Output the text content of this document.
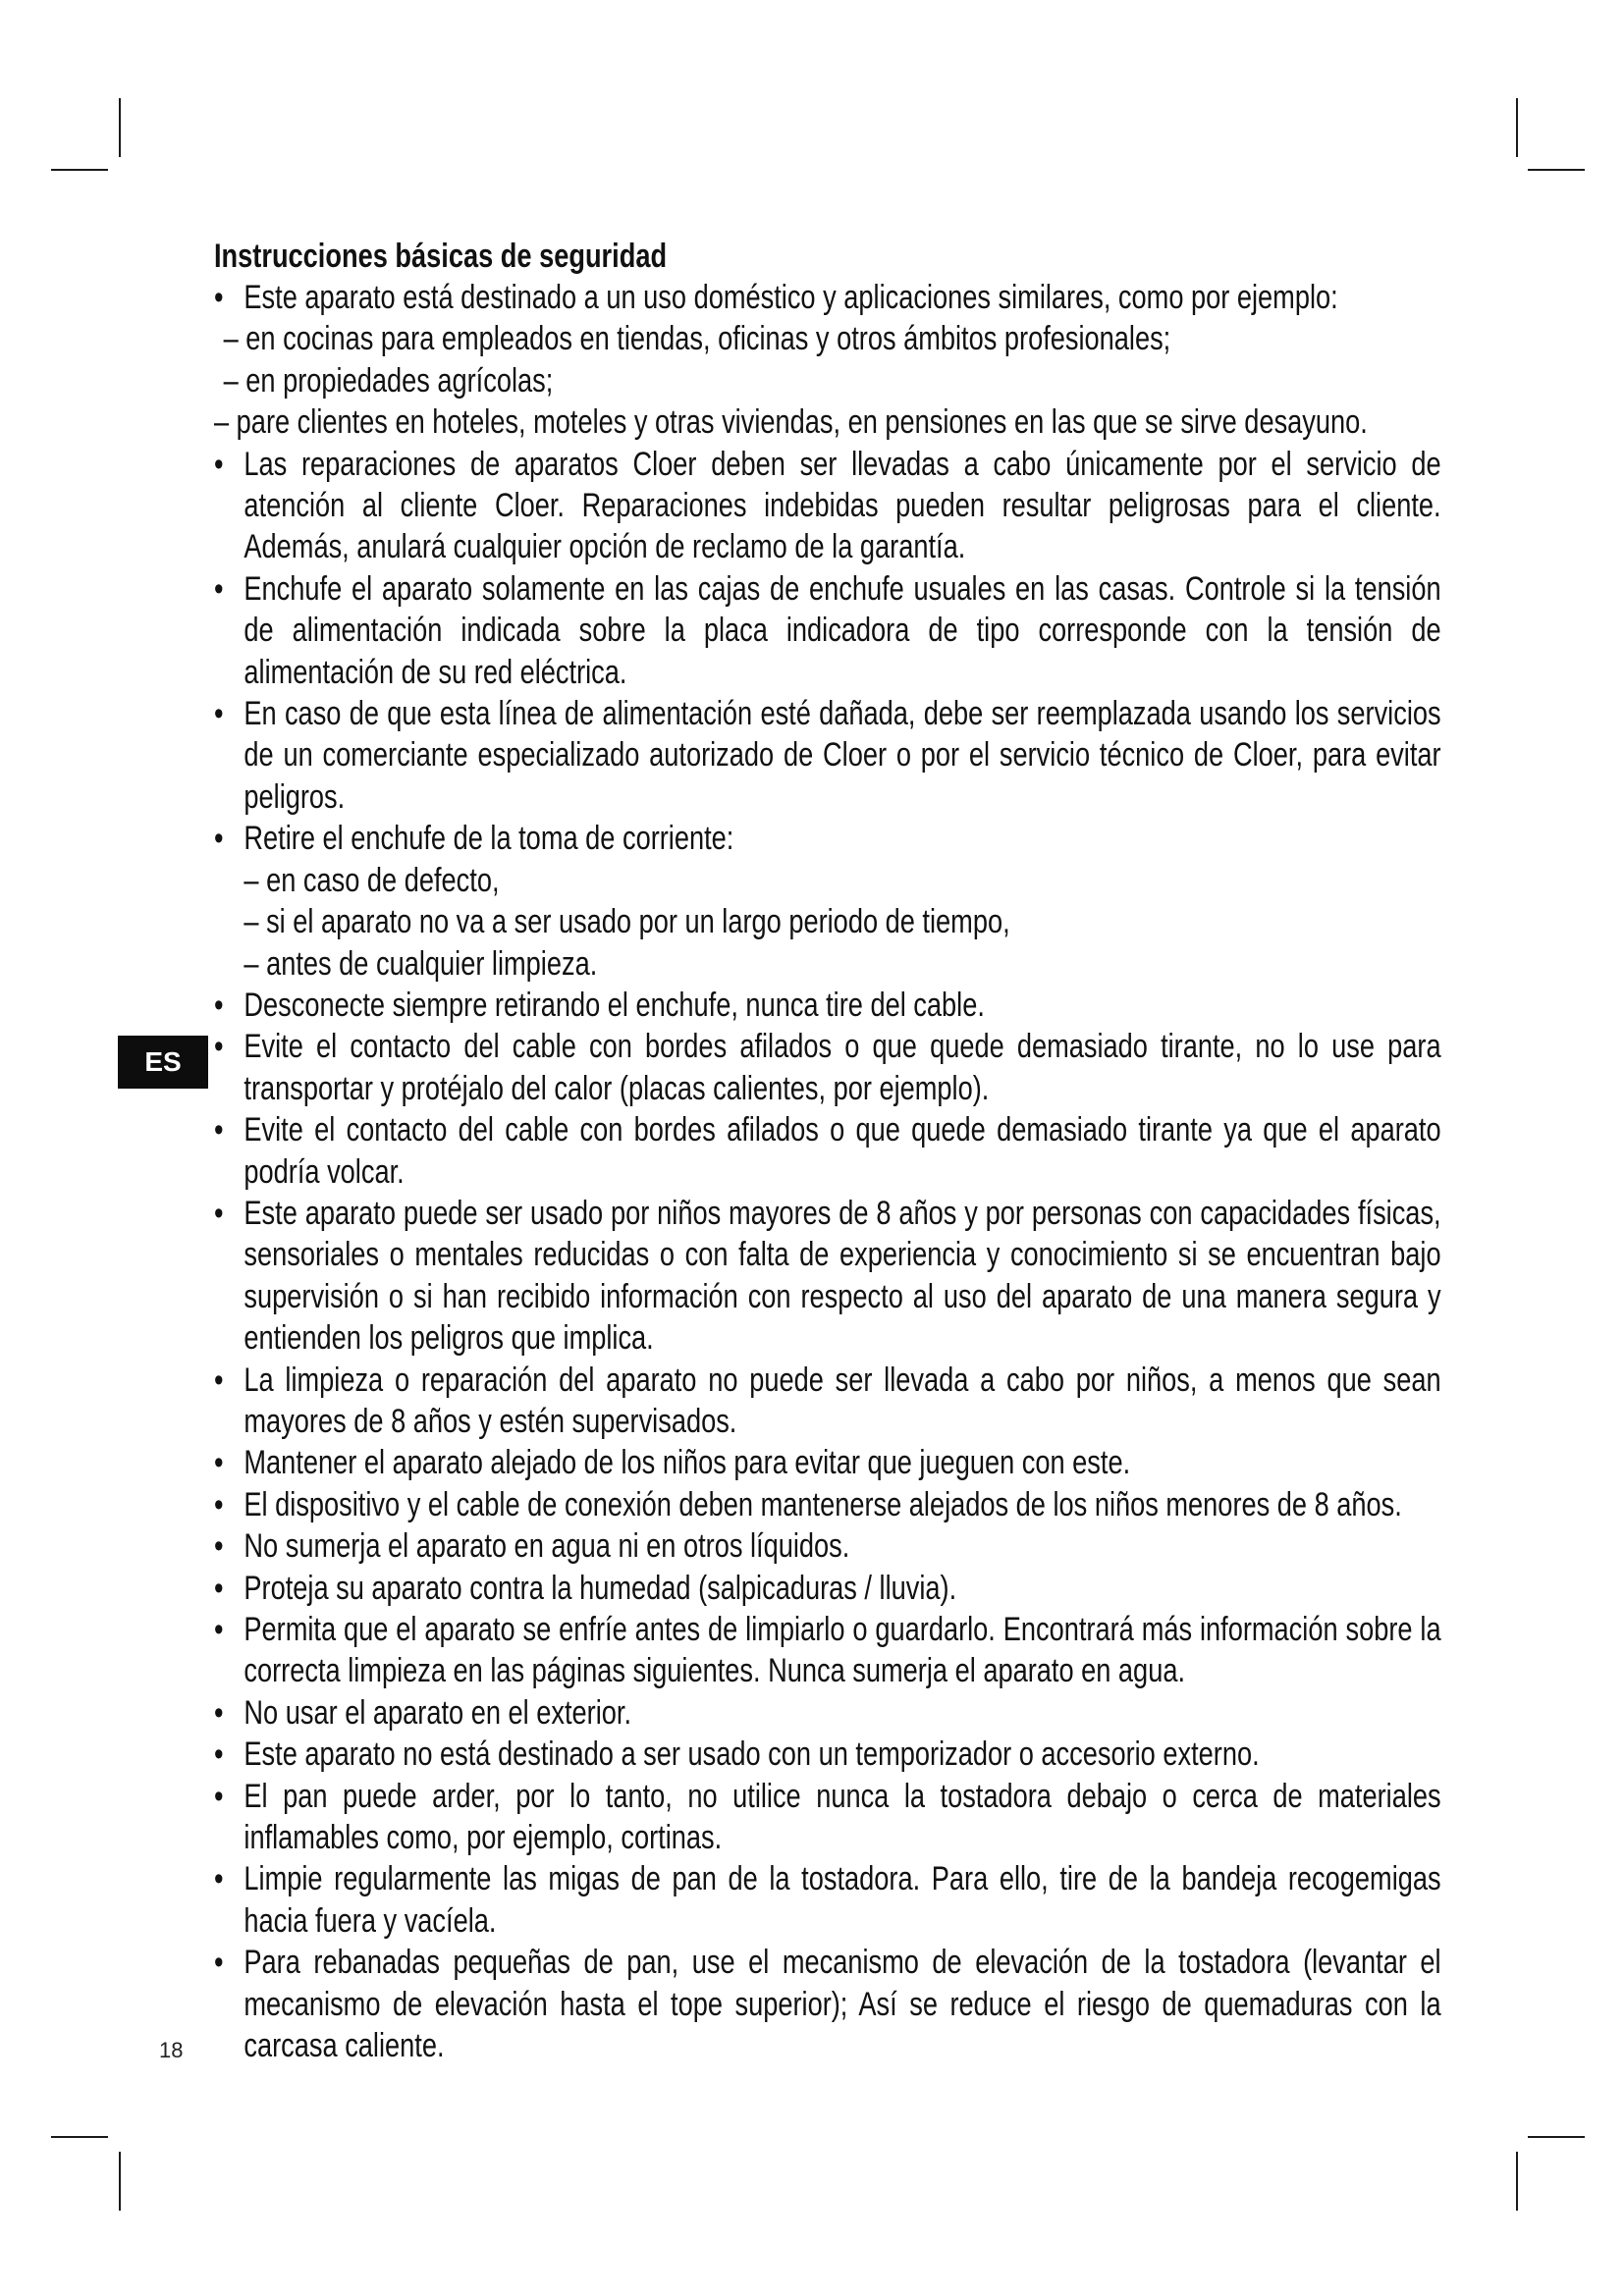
ES
Instrucciones básicas de seguridad
• Este aparato está destinado a un uso doméstico y aplicaciones similares, como por ejemplo:
– en cocinas para empleados en tiendas, oficinas y otros ámbitos profesionales;
– en propiedades agrícolas;
– pare clientes en hoteles, moteles y otras viviendas, en pensiones en las que se sirve desayuno.
• Las reparaciones de aparatos Cloer deben ser llevadas a cabo únicamente por el servicio de atención al cliente Cloer. Reparaciones indebidas pueden resultar peligrosas para el cliente. Además, anulará cualquier opción de reclamo de la garantía.
• Enchufe el aparato solamente en las cajas de enchufe usuales en las casas. Controle si la tensión de alimentación indicada sobre la placa indicadora de tipo corresponde con la tensión de alimentación de su red eléctrica.
• En caso de que esta línea de alimentación esté dañada, debe ser reemplazada usando los servicios de un comerciante especializado autorizado de Cloer o por el servicio técnico de Cloer, para evitar peligros.
• Retire el enchufe de la toma de corriente:
– en caso de defecto,
– si el aparato no va a ser usado por un largo periodo de tiempo,
– antes de cualquier limpieza.
• Desconecte siempre retirando el enchufe, nunca tire del cable.
• Evite el contacto del cable con bordes afilados o que quede demasiado tirante, no lo use para transportar y protéjalo del calor (placas calientes, por ejemplo).
• Evite el contacto del cable con bordes afilados o que quede demasiado tirante ya que el aparato podría volcar.
• Este aparato puede ser usado por niños mayores de 8 años y por personas con capacidades físicas, sensoriales o mentales reducidas o con falta de experiencia y conocimiento si se encuentran bajo supervisión o si han recibido información con respecto al uso del aparato de una manera segura y entienden los peligros que implica.
• La limpieza o reparación del aparato no puede ser llevada a cabo por niños, a menos que sean mayores de 8 años y estén supervisados.
• Mantener el aparato alejado de los niños para evitar que jueguen con este.
• El dispositivo y el cable de conexión deben mantenerse alejados de los niños menores de 8 años.
• No sumerja el aparato en agua ni en otros líquidos.
• Proteja su aparato contra la humedad (salpicaduras / lluvia).
• Permita que el aparato se enfríe antes de limpiarlo o guardarlo. Encontrará más información sobre la correcta limpieza en las páginas siguientes. Nunca sumerja el aparato en agua.
• No usar el aparato en el exterior.
• Este aparato no está destinado a ser usado con un temporizador o accesorio externo.
• El pan puede arder, por lo tanto, no utilice nunca la tostadora debajo o cerca de materiales inflamables como, por ejemplo, cortinas.
• Limpie regularmente las migas de pan de la tostadora. Para ello, tire de la bandeja recogemigas hacia fuera y vacíela.
• Para rebanadas pequeñas de pan, use el mecanismo de elevación de la tostadora (levantar el mecanismo de elevación hasta el tope superior); Así se reduce el riesgo de quemaduras con la carcasa caliente.
18
